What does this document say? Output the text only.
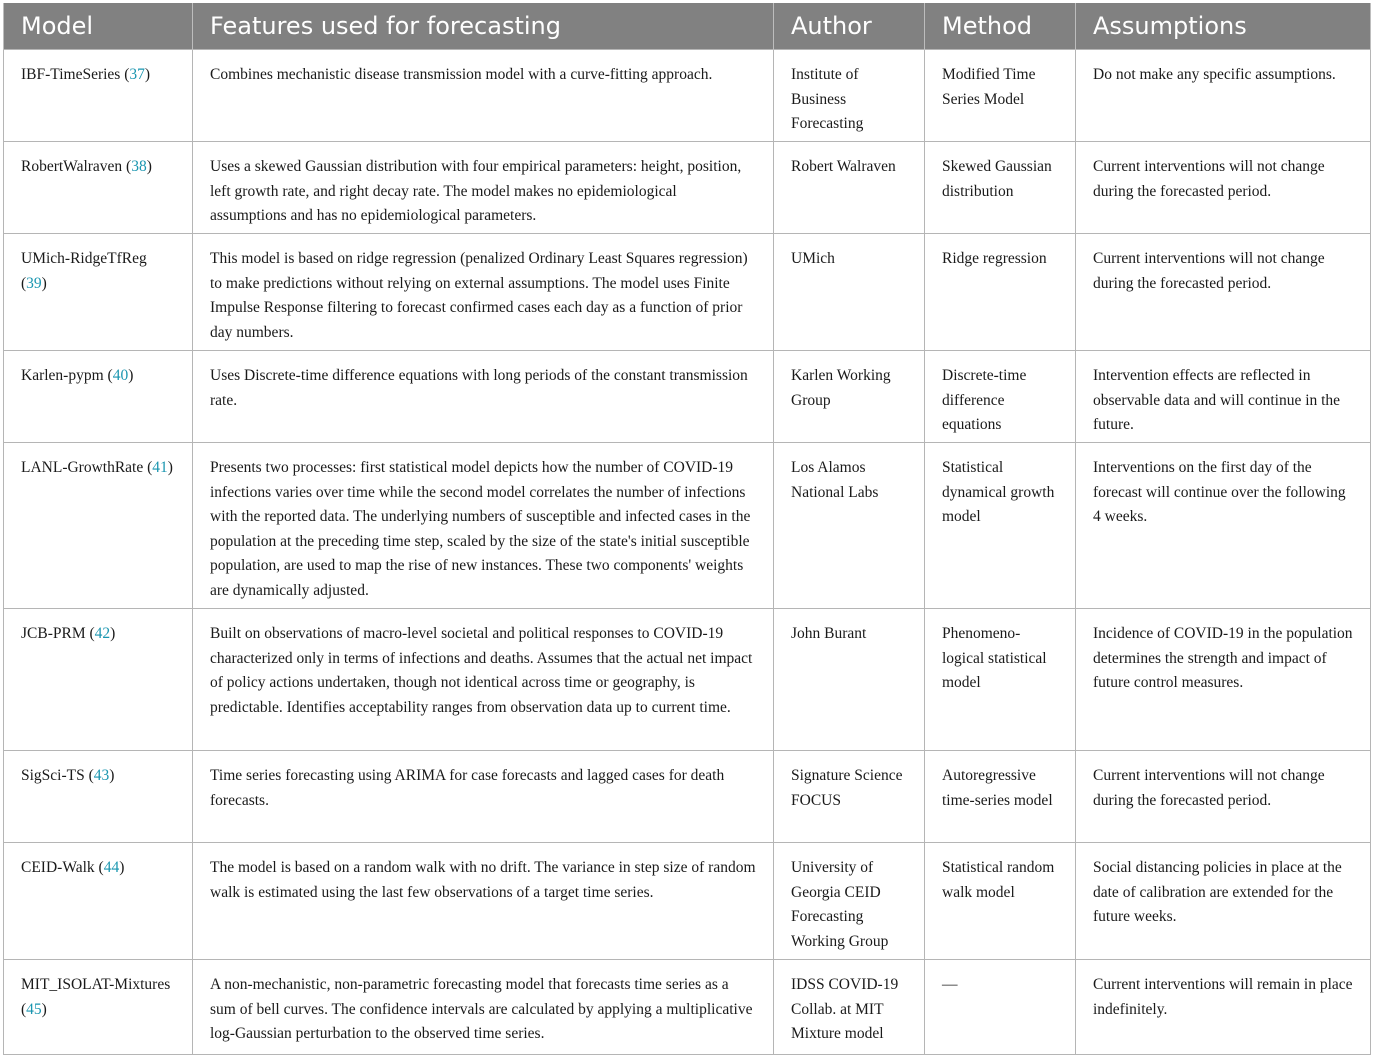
Model	Features used for forecasting	Author	Method	Assumptions
IBF-TimeSeries (37)	Combines mechanistic disease transmission model with a curve-fitting approach.	Institute of Business Forecasting	Modified Time Series Model	Do not make any specific assumptions.
RobertWalraven (38)	Uses a skewed Gaussian distribution with four empirical parameters: height, position, left growth rate, and right decay rate. The model makes no epidemiological assumptions and has no epidemiological parameters.	Robert Walraven	Skewed Gaussian distribution	Current interventions will not change during the forecasted period.
UMich-RidgeTfReg (39)	This model is based on ridge regression (penalized Ordinary Least Squares regression) to make predictions without relying on external assumptions. The model uses Finite Impulse Response filtering to forecast confirmed cases each day as a function of prior day numbers.	UMich	Ridge regression	Current interventions will not change during the forecasted period.
Karlen-pypm (40)	Uses Discrete-time difference equations with long periods of the constant transmission rate.	Karlen Working Group	Discrete-time difference equations	Intervention effects are reflected in observable data and will continue in the future.
LANL-GrowthRate (41)	Presents two processes: first statistical model depicts how the number of COVID-19 infections varies over time while the second model correlates the number of infections with the reported data. The underlying numbers of susceptible and infected cases in the population at the preceding time step, scaled by the size of the state's initial susceptible population, are used to map the rise of new instances. These two components' weights are dynamically adjusted.	Los Alamos National Labs	Statistical dynamical growth model	Interventions on the first day of the forecast will continue over the following 4 weeks.
JCB-PRM (42)	Built on observations of macro-level societal and political responses to COVID-19 characterized only in terms of infections and deaths. Assumes that the actual net impact of policy actions undertaken, though not identical across time or geography, is predictable. Identifies acceptability ranges from observation data up to current time.	John Burant	Phenomeno-logical statistical model	Incidence of COVID-19 in the population determines the strength and impact of future control measures.
SigSci-TS (43)	Time series forecasting using ARIMA for case forecasts and lagged cases for death forecasts.	Signature Science FOCUS	Autoregressive time-series model	Current interventions will not change during the forecasted period.
CEID-Walk (44)	The model is based on a random walk with no drift. The variance in step size of random walk is estimated using the last few observations of a target time series.	University of Georgia CEID Forecasting Working Group	Statistical random walk model	Social distancing policies in place at the date of calibration are extended for the future weeks.
MIT_ISOLAT-Mixtures (45)	A non-mechanistic, non-parametric forecasting model that forecasts time series as a sum of bell curves. The confidence intervals are calculated by applying a multiplicative log-Gaussian perturbation to the observed time series.	IDSS COVID-19 Collab. at MIT Mixture model	—	Current interventions will remain in place indefinitely.
